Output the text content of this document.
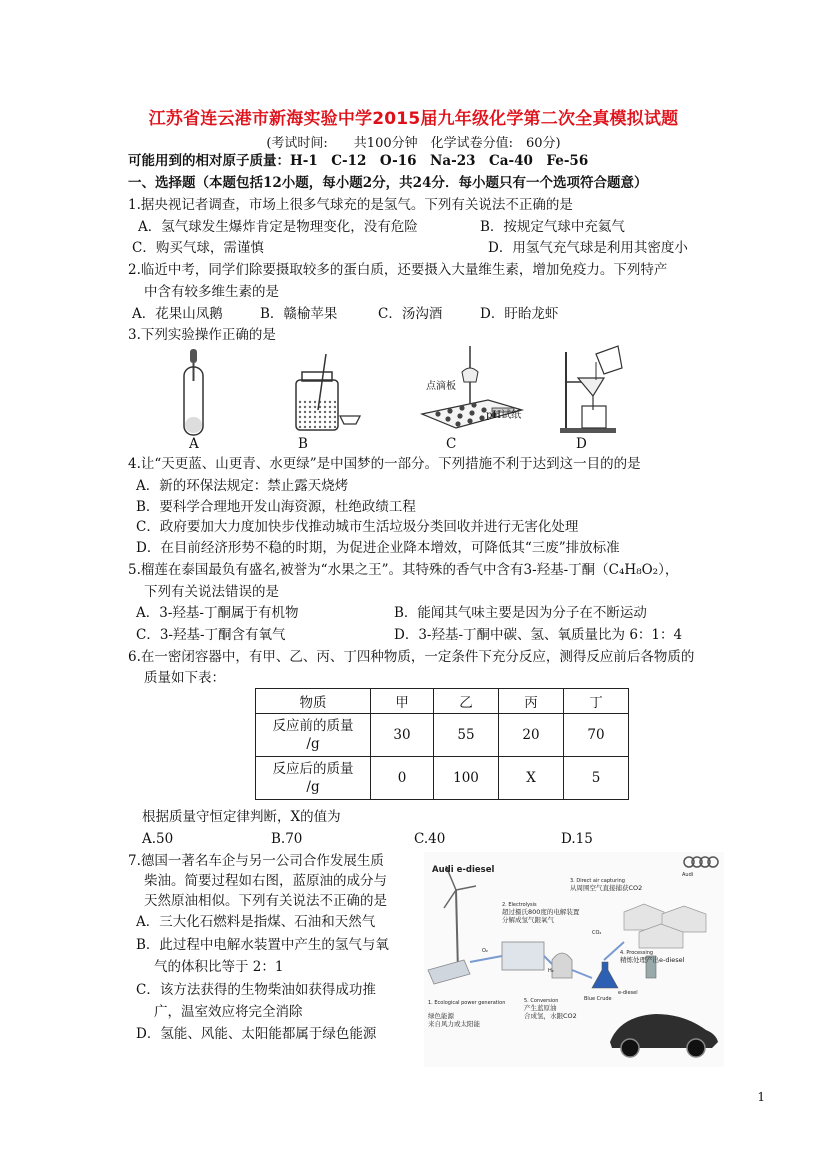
江苏省连云港市新海实验中学2015届九年级化学第二次全真模拟试题
(考试时间:　　共100分钟　化学试卷分值:　60分)
可能用到的相对原子质量：H-1　C-12　O-16　Na-23　Ca-40　Fe-56
一、选择题（本题包括12小题，每小题2分，共24分．每小题只有一个选项符合题意）
1.据央视记者调查，市场上很多气球充的是氢气。下列有关说法不正确的是
A．氢气球发生爆炸肯定是物理变化，没有危险	B．按规定气球中充氦气
C．购买气球，需谨慎	D．用氢气充气球是利用其密度小
2.临近中考，同学们除要摄取较多的蛋白质，还要摄入大量维生素，增加免疫力。下列特产
中含有较多维生素的是
A．花果山凤鹅	B．赣榆苹果	C．汤沟酒	D．盱眙龙虾
3.下列实验操作正确的是
点滴板
pH试纸
A	B	C	D
4.让“天更蓝、山更青、水更绿”是中国梦的一部分。下列措施不利于达到这一目的的是
A．新的环保法规定：禁止露天烧烤
B．要科学合理地开发山海资源，杜绝政绩工程
C．政府要加大力度加快步伐推动城市生活垃圾分类回收并进行无害化处理
D．在目前经济形势不稳的时期，为促进企业降本增效，可降低其“三废”排放标准
5.榴莲在泰国最负有盛名,被誉为“水果之王”。其特殊的香气中含有3-羟基-丁酮（C₄H₈O₂），
下列有关说法错误的是
A．3-羟基-丁酮属于有机物	B．能闻其气味主要是因为分子在不断运动
C．3-羟基-丁酮含有氧气	D．3-羟基-丁酮中碳、氢、氧质量比为 6：1：4
6.在一密闭容器中，有甲、乙、丙、丁四种物质，一定条件下充分反应，测得反应前后各物质的
质量如下表：
物质	甲	乙	丙	丁
反应前的质量
/g	30	55	20	70
反应后的质量
/g	0	100	X	5
根据质量守恒定律判断，X的值为
A.50	B.70	C.40	D.15
7.德国一著名车企与另一公司合作发展生质
柴油。简要过程如右图，蓝原油的成分与
天然原油相似。下列有关说法不正确的是
A．三大化石燃料是指煤、石油和天然气
B．此过程中电解水装置中产生的氢气与氧
气的体积比等于 2：1
C．该方法获得的生物柴油如获得成功推
广，温室效应将完全消除
D．氢能、风能、太阳能都属于绿色能源
Audi e-diesel	Audi
3. Direct air capturing
从周围空气直接捕获CO2
2. Electrolysis
超过摄氏800度的电解装置
分解成氢气跟氧气
1. Ecological power generation
绿色能源
来自风力或太阳能
4. Processing
精炼处理产出e-diesel
5. Conversion
产生蓝原油
合成氢，水跟CO2
Blue Crude
e-diesel
CO₂
O₂
H₂
1
